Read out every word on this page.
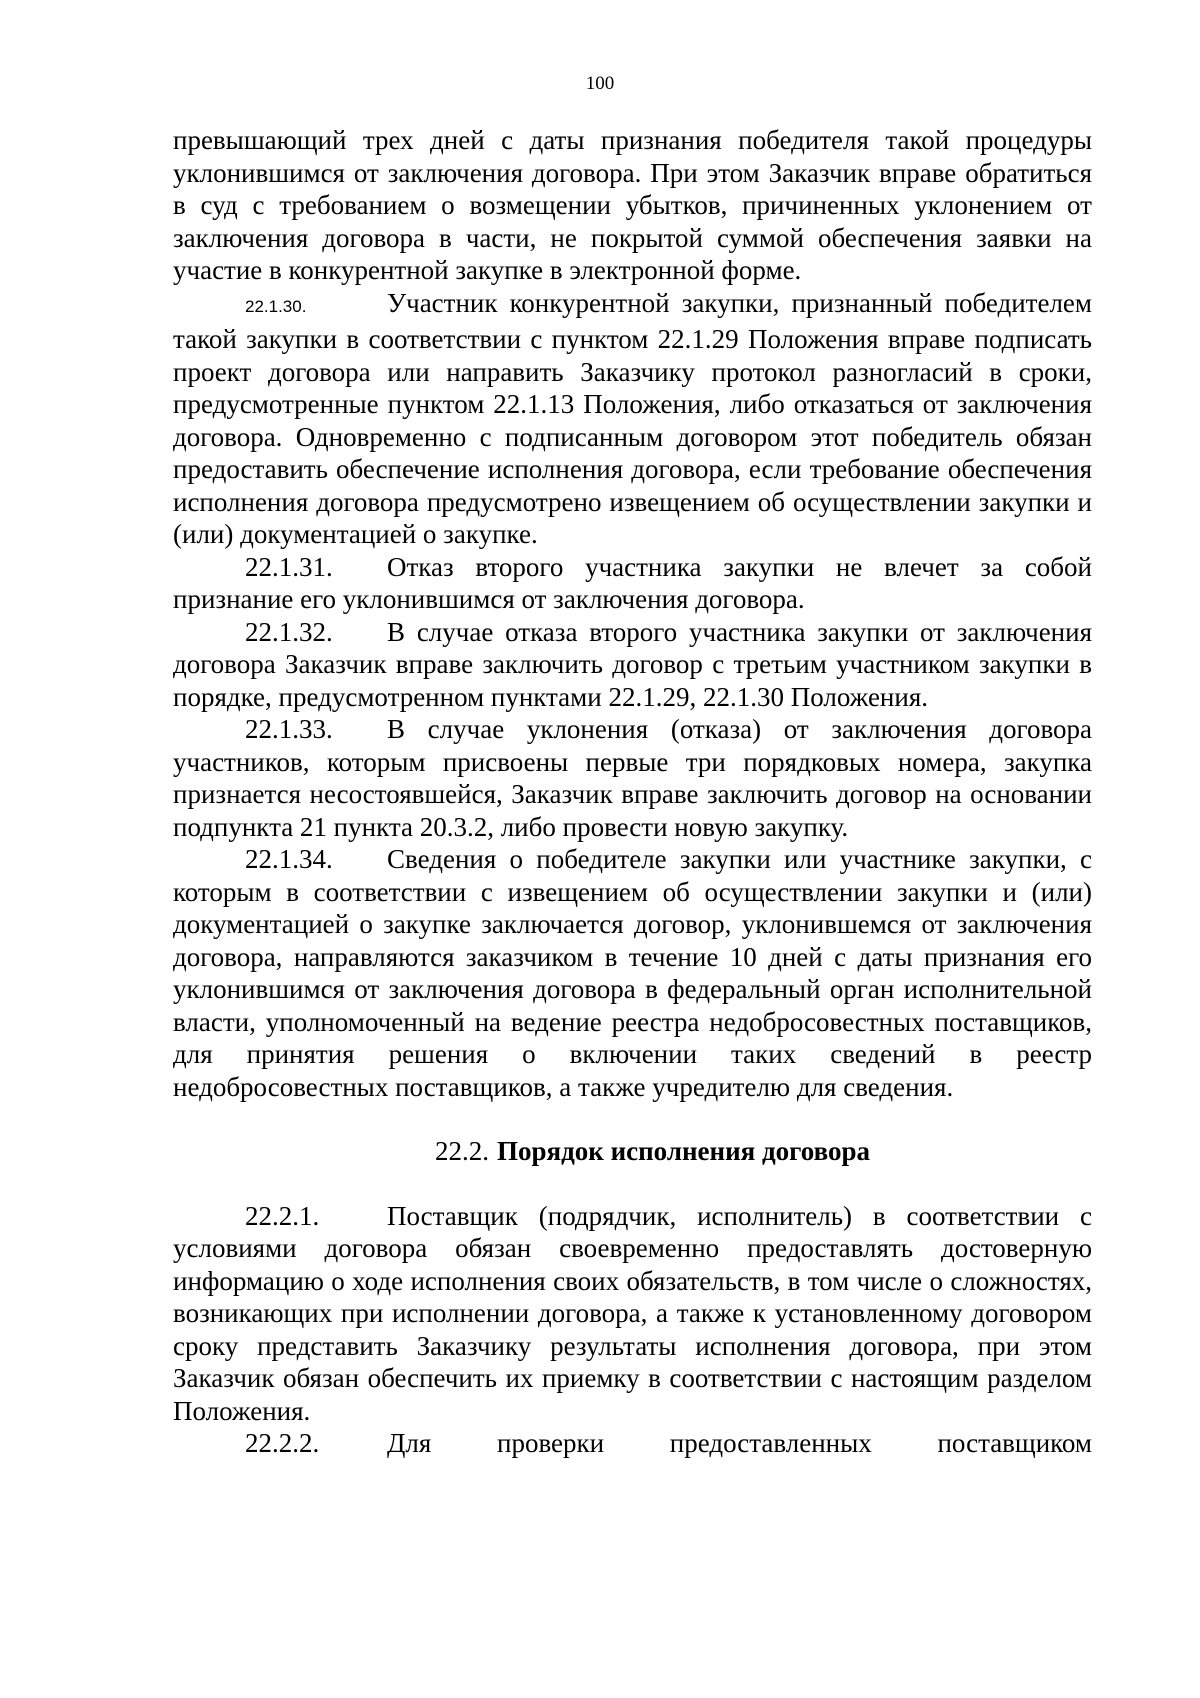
100

превышающий трех дней с даты признания победителя такой процедуры уклонившимся от заключения договора. При этом Заказчик вправе обратиться в суд с требованием о возмещении убытков, причиненных уклонением от заключения договора в части, не покрытой суммой обеспечения заявки на участие в конкурентной закупке в электронной форме.

22.1.30.	Участник конкурентной закупки, признанный победителем такой закупки в соответствии с пунктом 22.1.29 Положения вправе подписать проект договора или направить Заказчику протокол разногласий в сроки, предусмотренные пунктом 22.1.13 Положения, либо отказаться от заключения договора. Одновременно с подписанным договором этот победитель обязан предоставить обеспечение исполнения договора, если требование обеспечения исполнения договора предусмотрено извещением об осуществлении закупки и (или) документацией о закупке.

22.1.31. Отказ второго участника закупки не влечет за собой признание его уклонившимся от заключения договора.

22.1.32. В случае отказа второго участника закупки от заключения договора Заказчик вправе заключить договор с третьим участником закупки в порядке, предусмотренном пунктами 22.1.29, 22.1.30 Положения.

22.1.33. В случае уклонения (отказа) от заключения договора участников, которым присвоены первые три порядковых номера, закупка признается несостоявшейся, Заказчик вправе заключить договор на основании подпункта 21 пункта 20.3.2, либо провести новую закупку.

22.1.34. Сведения о победителе закупки или участнике закупки, с которым в соответствии с извещением об осуществлении закупки и (или) документацией о закупке заключается договор, уклонившемся от заключения договора, направляются заказчиком в течение 10 дней с даты признания его уклонившимся от заключения договора в федеральный орган исполнительной власти, уполномоченный на ведение реестра недобросовестных поставщиков, для принятия решения о включении таких сведений в реестр недобросовестных поставщиков, а также учредителю для сведения.

22.2. Порядок исполнения договора

22.2.1.	Поставщик (подрядчик, исполнитель) в соответствии с условиями договора обязан своевременно предоставлять достоверную информацию о ходе исполнения своих обязательств, в том числе о сложностях, возникающих при исполнении договора, а также к установленному договором сроку представить Заказчику результаты исполнения договора, при этом Заказчик обязан обеспечить их приемку в соответствии с настоящим разделом Положения.

22.2.2.	Для проверки предоставленных поставщиком
